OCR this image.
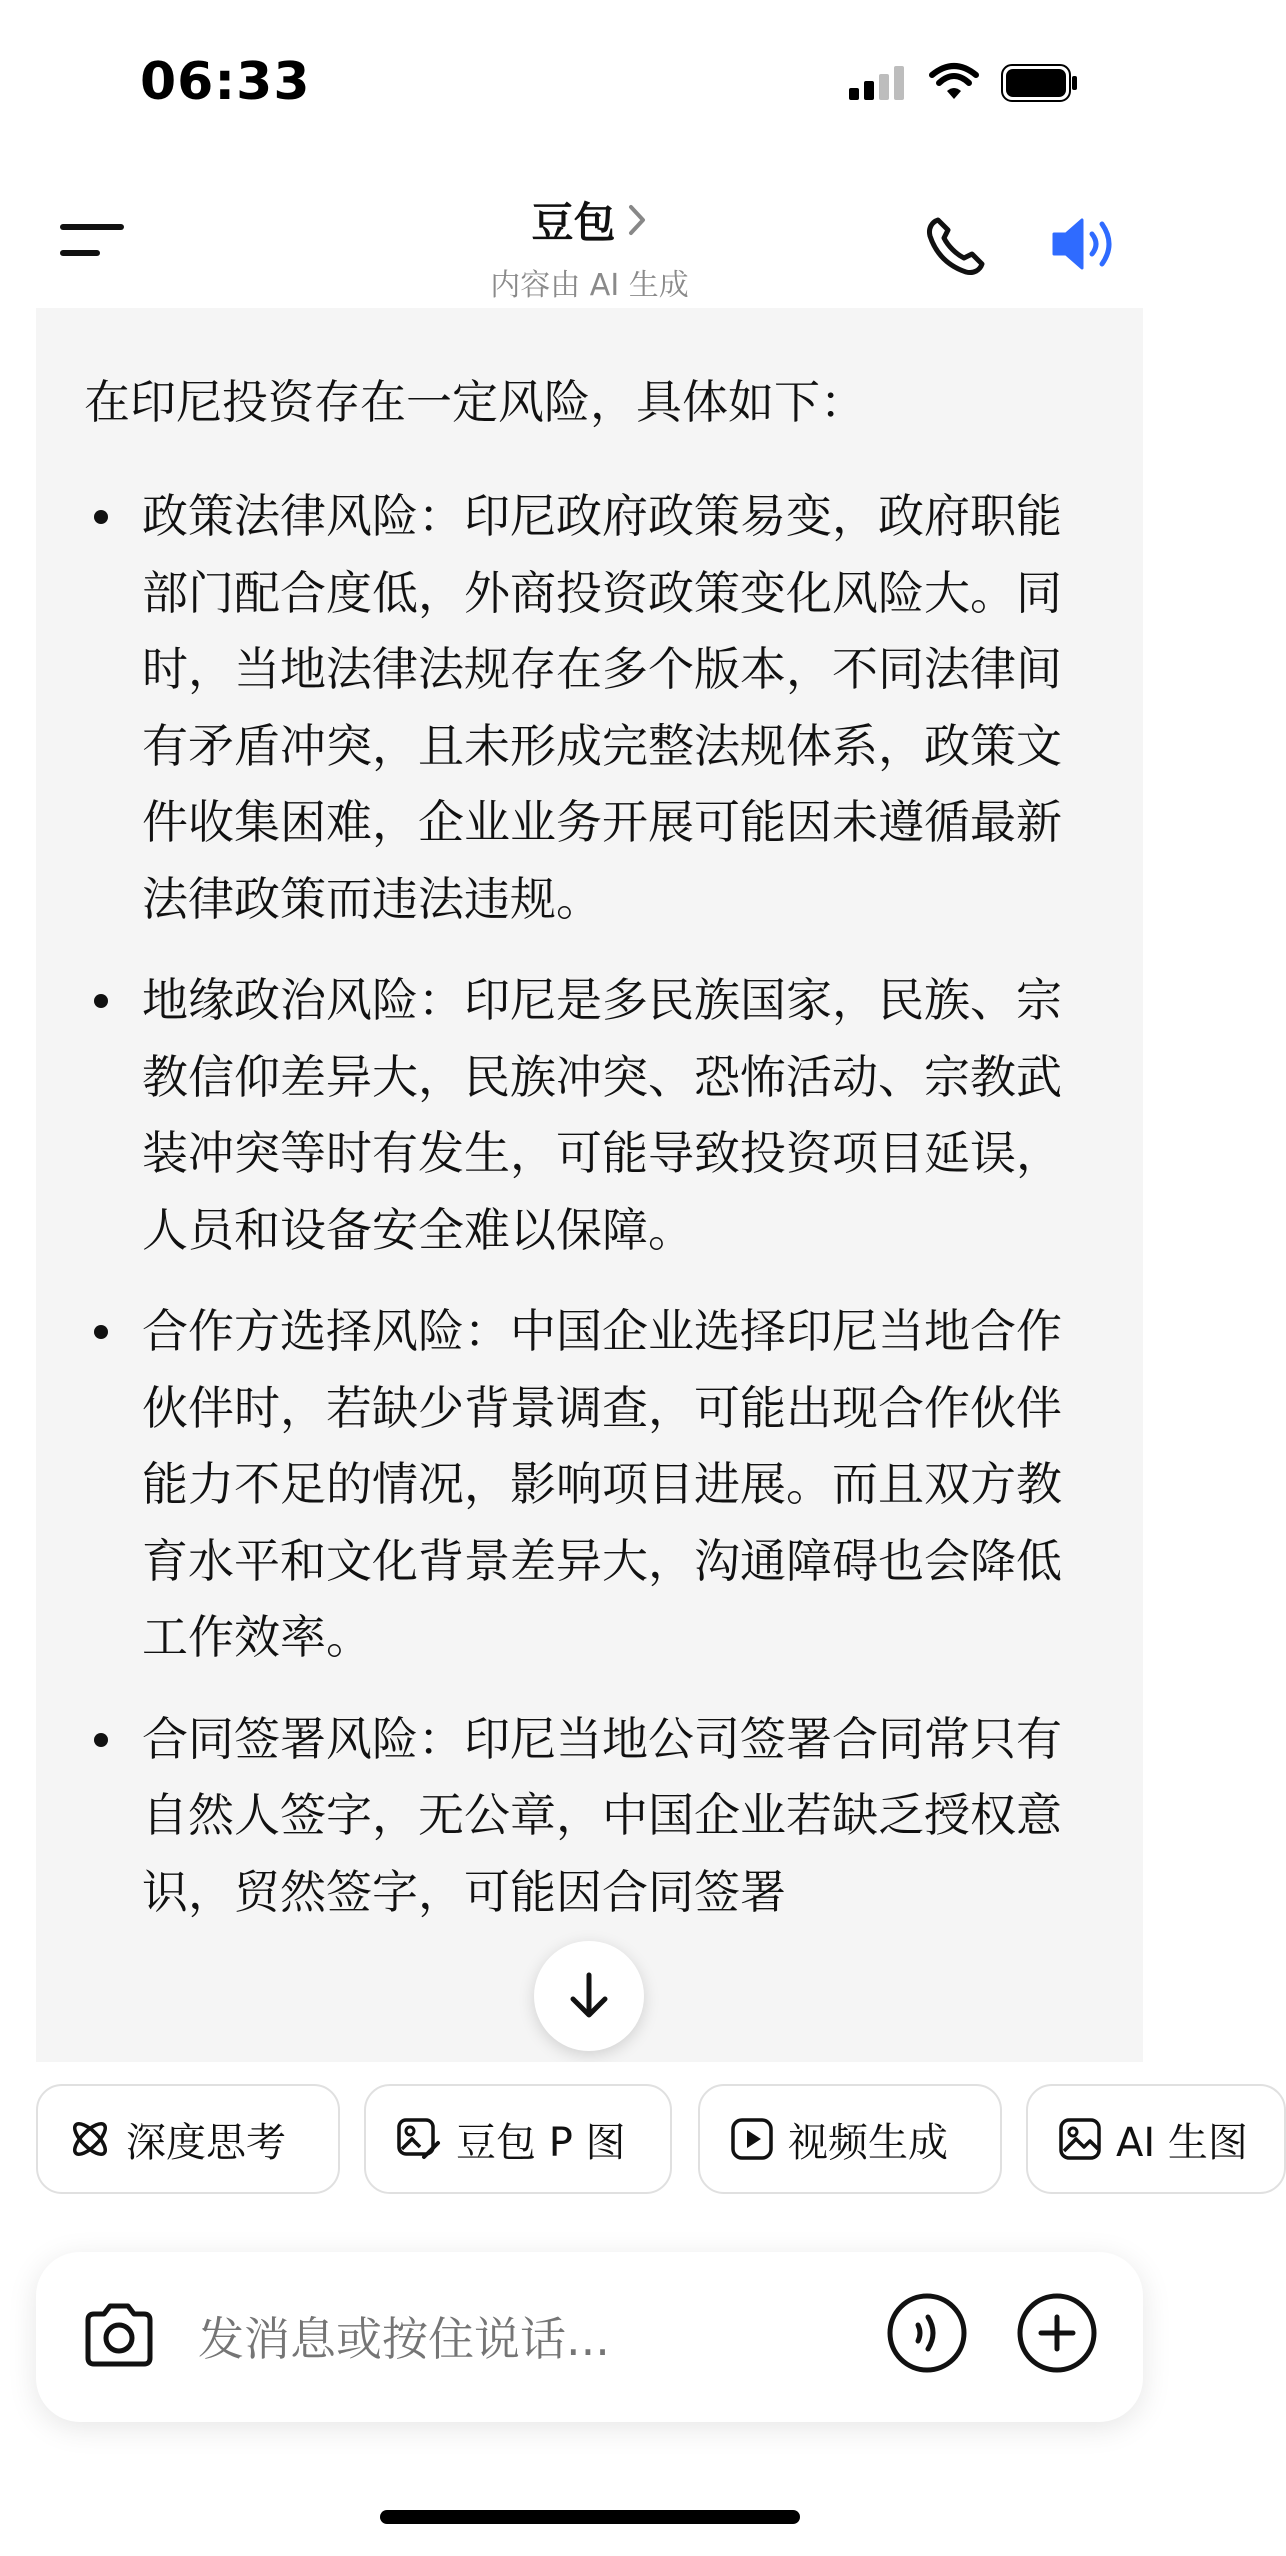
06:33
豆包
内容由 AI 生成
在印尼投资存在一定风险，具体如下：
政策法律风险：印尼政府政策易变，政府职能部门配合度低，外商投资政策变化风险大。同时，当地法律法规存在多个版本，不同法律间有矛盾冲突，且未形成完整法规体系，政策文件收集困难，企业业务开展可能因未遵循最新法律政策而违法违规。
地缘政治风险：印尼是多民族国家，民族、宗教信仰差异大，民族冲突、恐怖活动、宗教武装冲突等时有发生，可能导致投资项目延误，人员和设备安全难以保障。
合作方选择风险：中国企业选择印尼当地合作伙伴时，若缺少背景调查，可能出现合作伙伴能力不足的情况，影响项目进展。而且双方教育水平和文化背景差异大，沟通障碍也会降低工作效率。
合同签署风险：印尼当地公司签署合同常只有自然人签字，无公章，中国企业若缺乏授权意识，贸然签字，可能因合同签署
深度思考	豆包 P 图	视频生成	AI 生图
发消息或按住说话...
